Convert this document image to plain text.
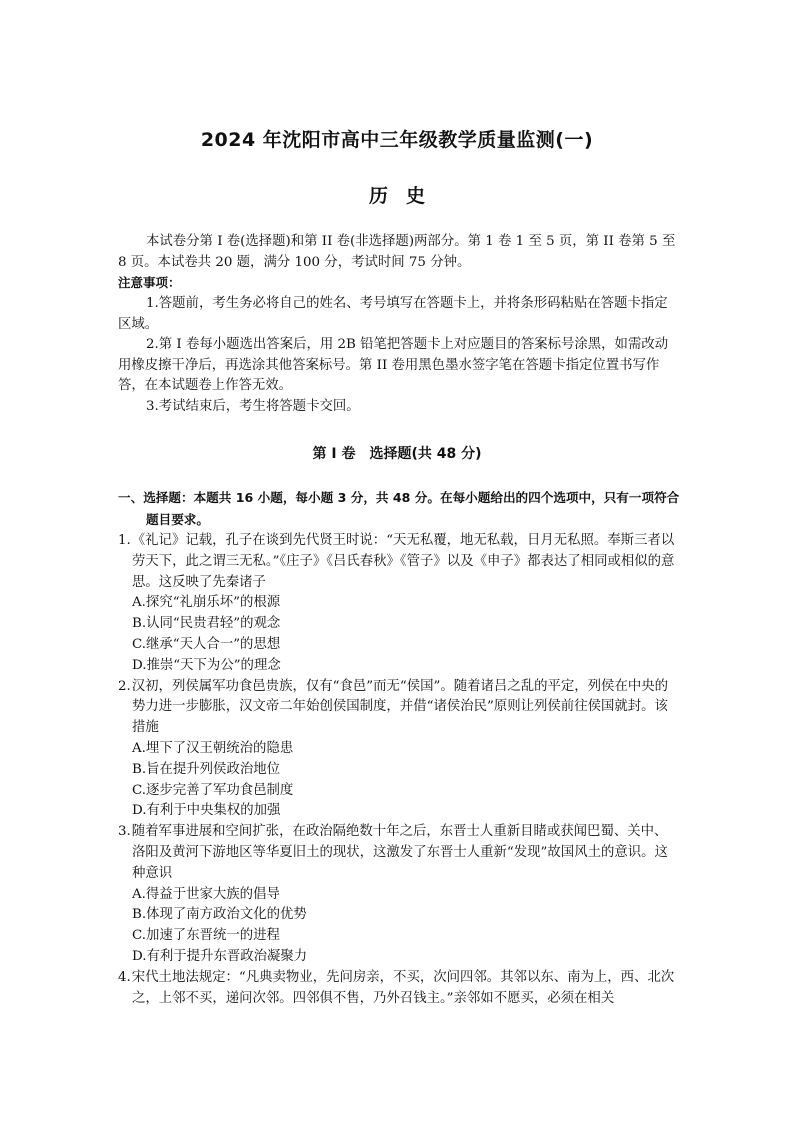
2024 年沈阳市高中三年级教学质量监测(一)
历史
本试卷分第 I 卷(选择题)和第 II 卷(非选择题)两部分。第 1 卷 1 至 5 页，第 II 卷第 5 至 8 页。本试卷共 20 题，满分 100 分，考试时间 75 分钟。
注意事项：

1.答题前，考生务必将自己的姓名、考号填写在答题卡上，并将条形码粘贴在答题卡指定区域。

2.第 I 卷每小题选出答案后，用 2B 铅笔把答题卡上对应题目的答案标号涂黑，如需改动用橡皮擦干净后，再选涂其他答案标号。第 II 卷用黑色墨水签字笔在答题卡指定位置书写作答，在本试题卷上作答无效。

3.考试结束后，考生将答题卡交回。

第 I 卷　选择题(共 48 分)
一、选择题：本题共 16 小题，每小题 3 分，共 48 分。在每小题给出的四个选项中，只有一项符合题目要求。

1.《礼记》记载，孔子在谈到先代贤王时说：“天无私覆，地无私载，日月无私照。奉斯三者以劳天下，此之谓三无私。”《庄子》《吕氏春秋》《管子》以及《申子》都表达了相同或相似的意思。这反映了先秦诸子

A.探究“礼崩乐坏”的根源
B.认同“民贵君轻”的观念
C.继承“天人合一”的思想
D.推崇“天下为公”的理念

2.汉初，列侯属军功食邑贵族，仅有“食邑”而无“侯国”。随着诸吕之乱的平定，列侯在中央的势力进一步膨胀，汉文帝二年始创侯国制度，并借“诸侯治民”原则让列侯前往侯国就封。该措施

A.埋下了汉王朝统治的隐患
B.旨在提升列侯政治地位
C.逐步完善了军功食邑制度
D.有利于中央集权的加强

3.随着军事进展和空间扩张，在政治隔绝数十年之后，东晋士人重新目睹或获闻巴蜀、关中、洛阳及黄河下游地区等华夏旧土的现状，这激发了东晋士人重新“发现”故国风土的意识。这种意识

A.得益于世家大族的倡导
B.体现了南方政治文化的优势
C.加速了东晋统一的进程
D.有利于提升东晋政治凝聚力

4.宋代土地法规定：“凡典卖物业，先问房亲，不买，次问四邻。其邻以东、南为上，西、北次之，上邻不买，递问次邻。四邻俱不售，乃外召钱主。”亲邻如不愿买，必须在相关
